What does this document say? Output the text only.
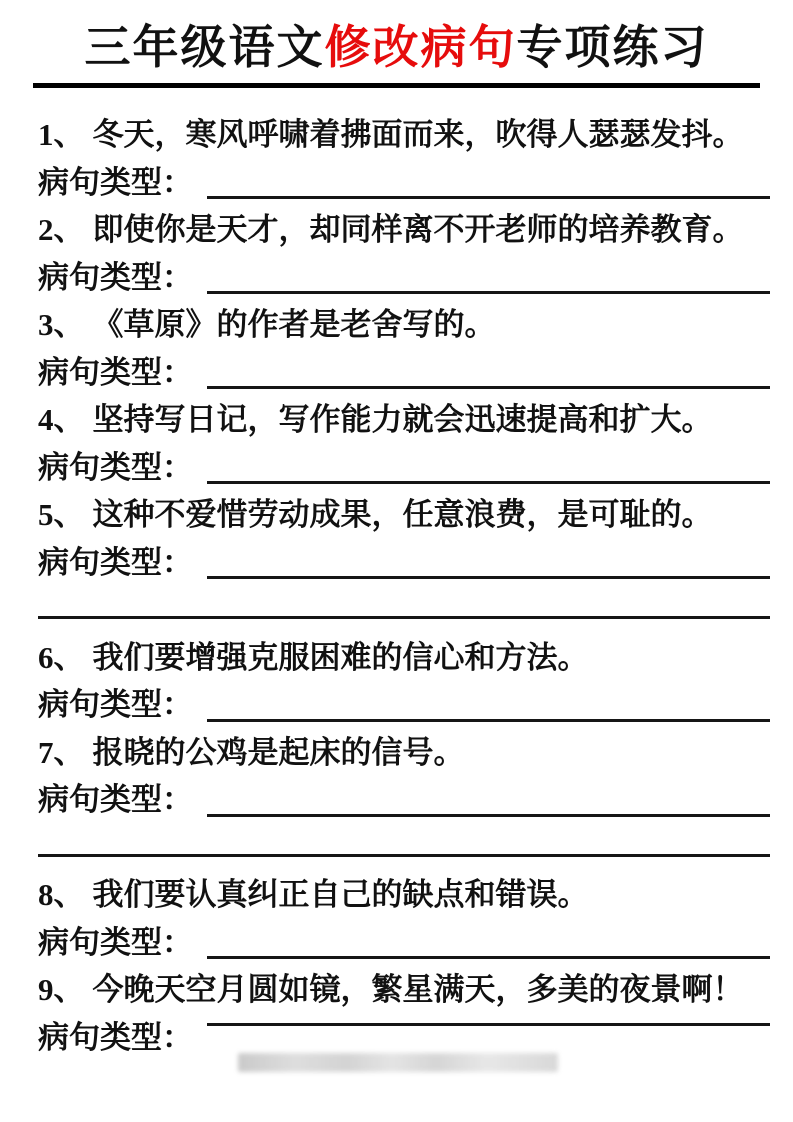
三年级语文修改病句专项练习
1、 冬天，寒风呼啸着拂面而来，吹得人瑟瑟发抖。
病句类型：
2、 即使你是天才，却同样离不开老师的培养教育。
病句类型：
3、 《草原》的作者是老舍写的。
病句类型：
4、 坚持写日记，写作能力就会迅速提高和扩大。
病句类型：
5、 这种不爱惜劳动成果，任意浪费，是可耻的。
病句类型：
6、 我们要增强克服困难的信心和方法。
病句类型：
7、 报晓的公鸡是起床的信号。
病句类型：
8、 我们要认真纠正自己的缺点和错误。
病句类型：
9、 今晚天空月圆如镜，繁星满天，多美的夜景啊！
病句类型：
